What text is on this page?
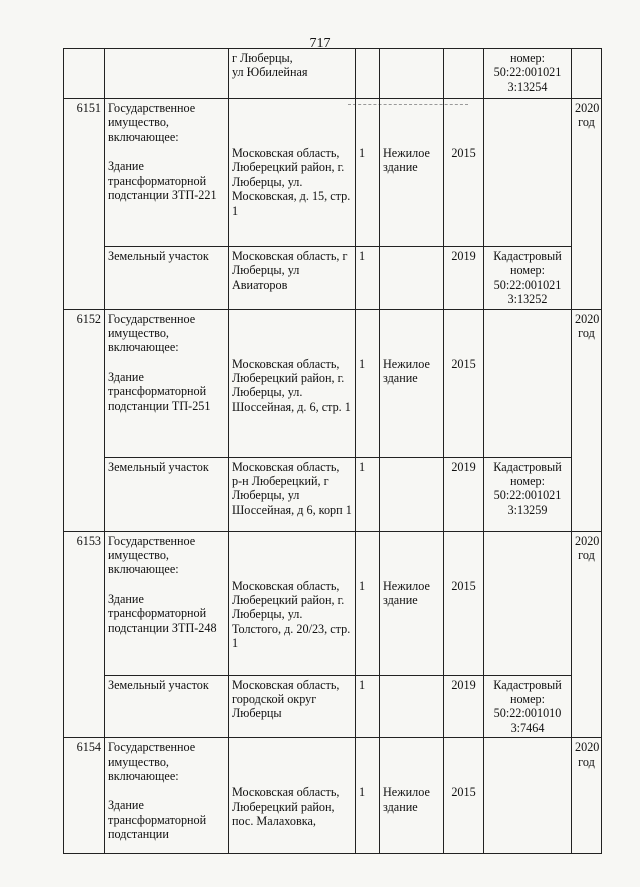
717
		г Люберцы,
ул Юбилейная				номер:
50:22:001021
3:13254	
6151	Государственное имущество, включающее:
Здание трансформаторной подстанции ЗТП-221	Московская область, Люберецкий район, г. Люберцы, ул. Московская, д. 15, стр. 1	1	Нежилое здание	2015		2020 год
	Земельный участок	Московская область, г Люберцы, ул Авиаторов	1		2019	Кадастровый номер: 50:22:001021 3:13252	
6152	Государственное имущество, включающее:
Здание трансформаторной подстанции ТП-251	Московская область, Люберецкий район, г. Люберцы, ул. Шоссейная, д. 6, стр. 1	1	Нежилое здание	2015		2020 год
	Земельный участок	Московская область, р-н Люберецкий, г Люберцы, ул Шоссейная, д 6, корп 1	1		2019	Кадастровый номер: 50:22:001021 3:13259	
6153	Государственное имущество, включающее:
Здание трансформаторной подстанции ЗТП-248	Московская область, Люберецкий район, г. Люберцы, ул. Толстого, д. 20/23, стр. 1	1	Нежилое здание	2015		2020 год
	Земельный участок	Московская область, городской округ Люберцы	1		2019	Кадастровый номер: 50:22:001010 3:7464	
6154	Государственное имущество, включающее:
Здание трансформаторной подстанции	Московская область, Люберецкий район, пос. Малаховка,	1	Нежилое здание	2015		2020 год
